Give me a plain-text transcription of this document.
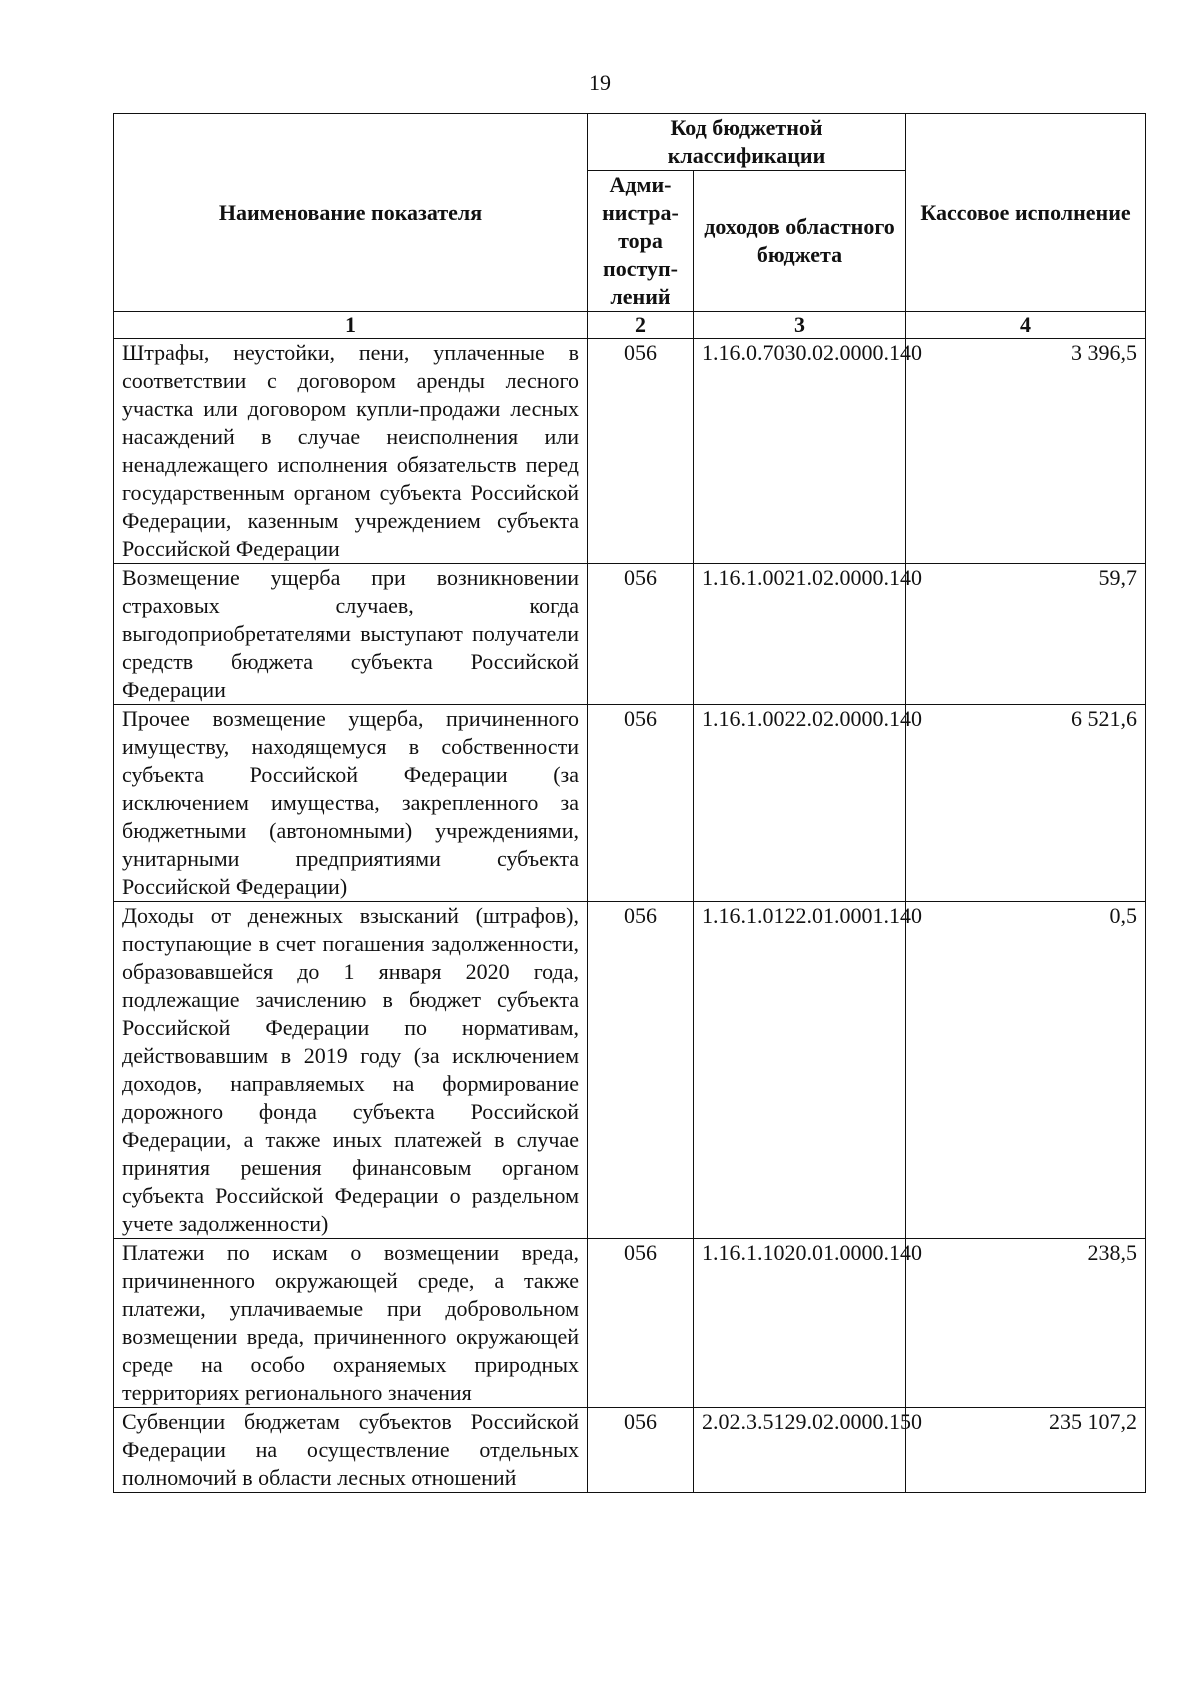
19
Наименование показателя	Код бюджетной классификации		Кассовое исполнение
	Адми-нистра-тора поступ-лений	доходов областного бюджета	
1	2	3	4
Штрафы, неустойки, пени, уплаченные в соответствии с договором аренды лесного участка или договором купли-продажи лесных насаждений в случае неисполнения или ненадлежащего исполнения обязательств перед государственным органом субъекта Российской Федерации, казенным учреждением субъекта Российской Федерации	056	1.16.0.7030.02.0000.140	3 396,5
Возмещение ущерба при возникновении страховых случаев, когда выгодоприобретателями выступают получатели средств бюджета субъекта Российской Федерации	056	1.16.1.0021.02.0000.140	59,7
Прочее возмещение ущерба, причиненного имуществу, находящемуся в собственности субъекта Российской Федерации (за исключением имущества, закрепленного за бюджетными (автономными) учреждениями, унитарными предприятиями субъекта Российской Федерации)	056	1.16.1.0022.02.0000.140	6 521,6
Доходы от денежных взысканий (штрафов), поступающие в счет погашения задолженности, образовавшейся до 1 января 2020 года, подлежащие зачислению в бюджет субъекта Российской Федерации по нормативам, действовавшим в 2019 году (за исключением доходов, направляемых на формирование дорожного фонда субъекта Российской Федерации, а также иных платежей в случае принятия решения финансовым органом субъекта Российской Федерации о раздельном учете задолженности)	056	1.16.1.0122.01.0001.140	0,5
Платежи по искам о возмещении вреда, причиненного окружающей среде, а также платежи, уплачиваемые при добровольном возмещении вреда, причиненного окружающей среде на особо охраняемых природных территориях регионального значения	056	1.16.1.1020.01.0000.140	238,5
Субвенции бюджетам субъектов Российской Федерации на осуществление отдельных полномочий в области лесных отношений	056	2.02.3.5129.02.0000.150	235 107,2
